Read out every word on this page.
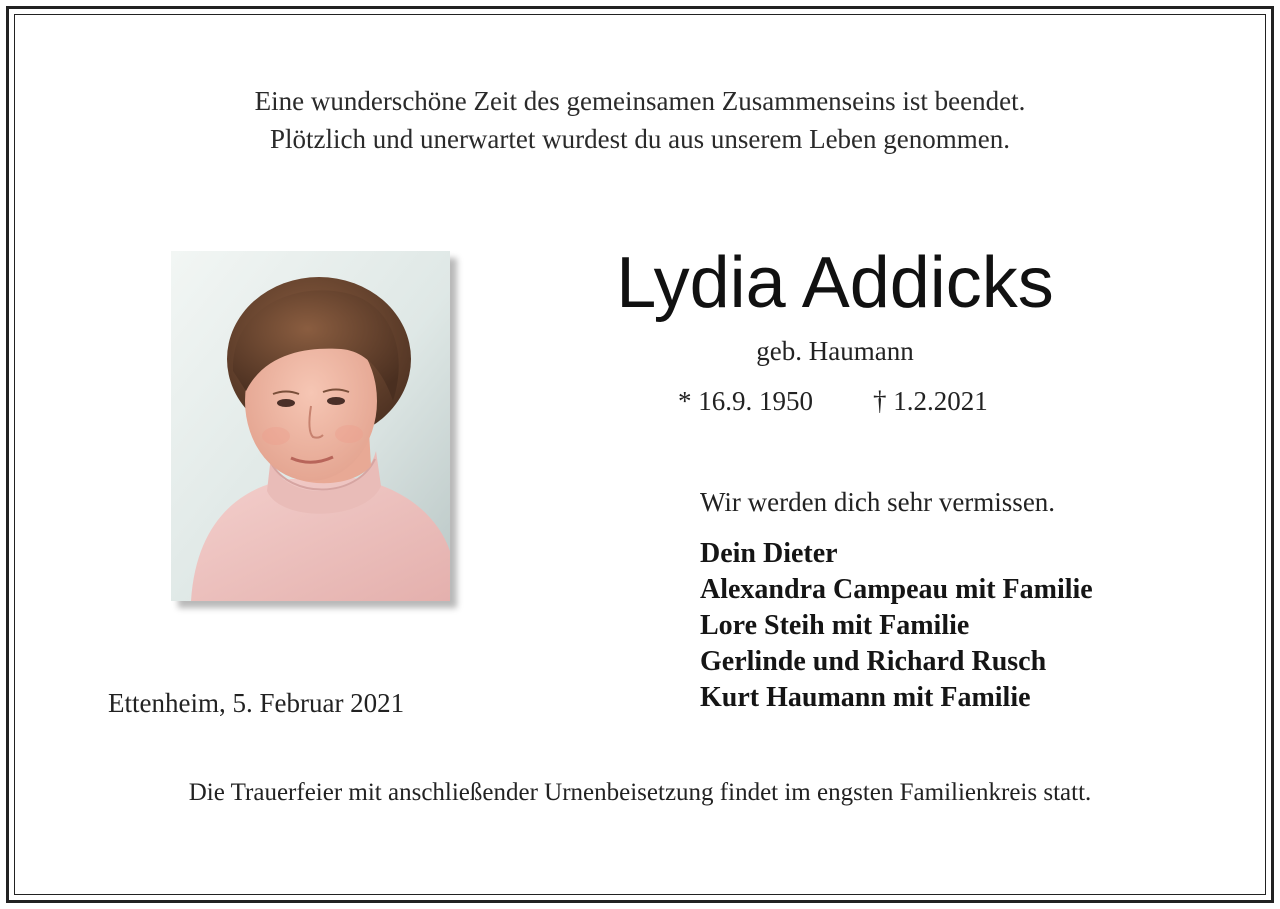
Eine wunderschöne Zeit des gemeinsamen Zusammenseins ist beendet.
Plötzlich und unerwartet wurdest du aus unserem Leben genommen.
Lydia Addicks
geb. Haumann
* 16.9. 1950 † 1.2.2021
Wir werden dich sehr vermissen.
Dein Dieter
Alexandra Campeau mit Familie
Lore Steih mit Familie
Gerlinde und Richard Rusch
Kurt Haumann mit Familie
Ettenheim, 5. Februar 2021
Die Trauerfeier mit anschließender Urnenbeisetzung findet im engsten Familienkreis statt.
